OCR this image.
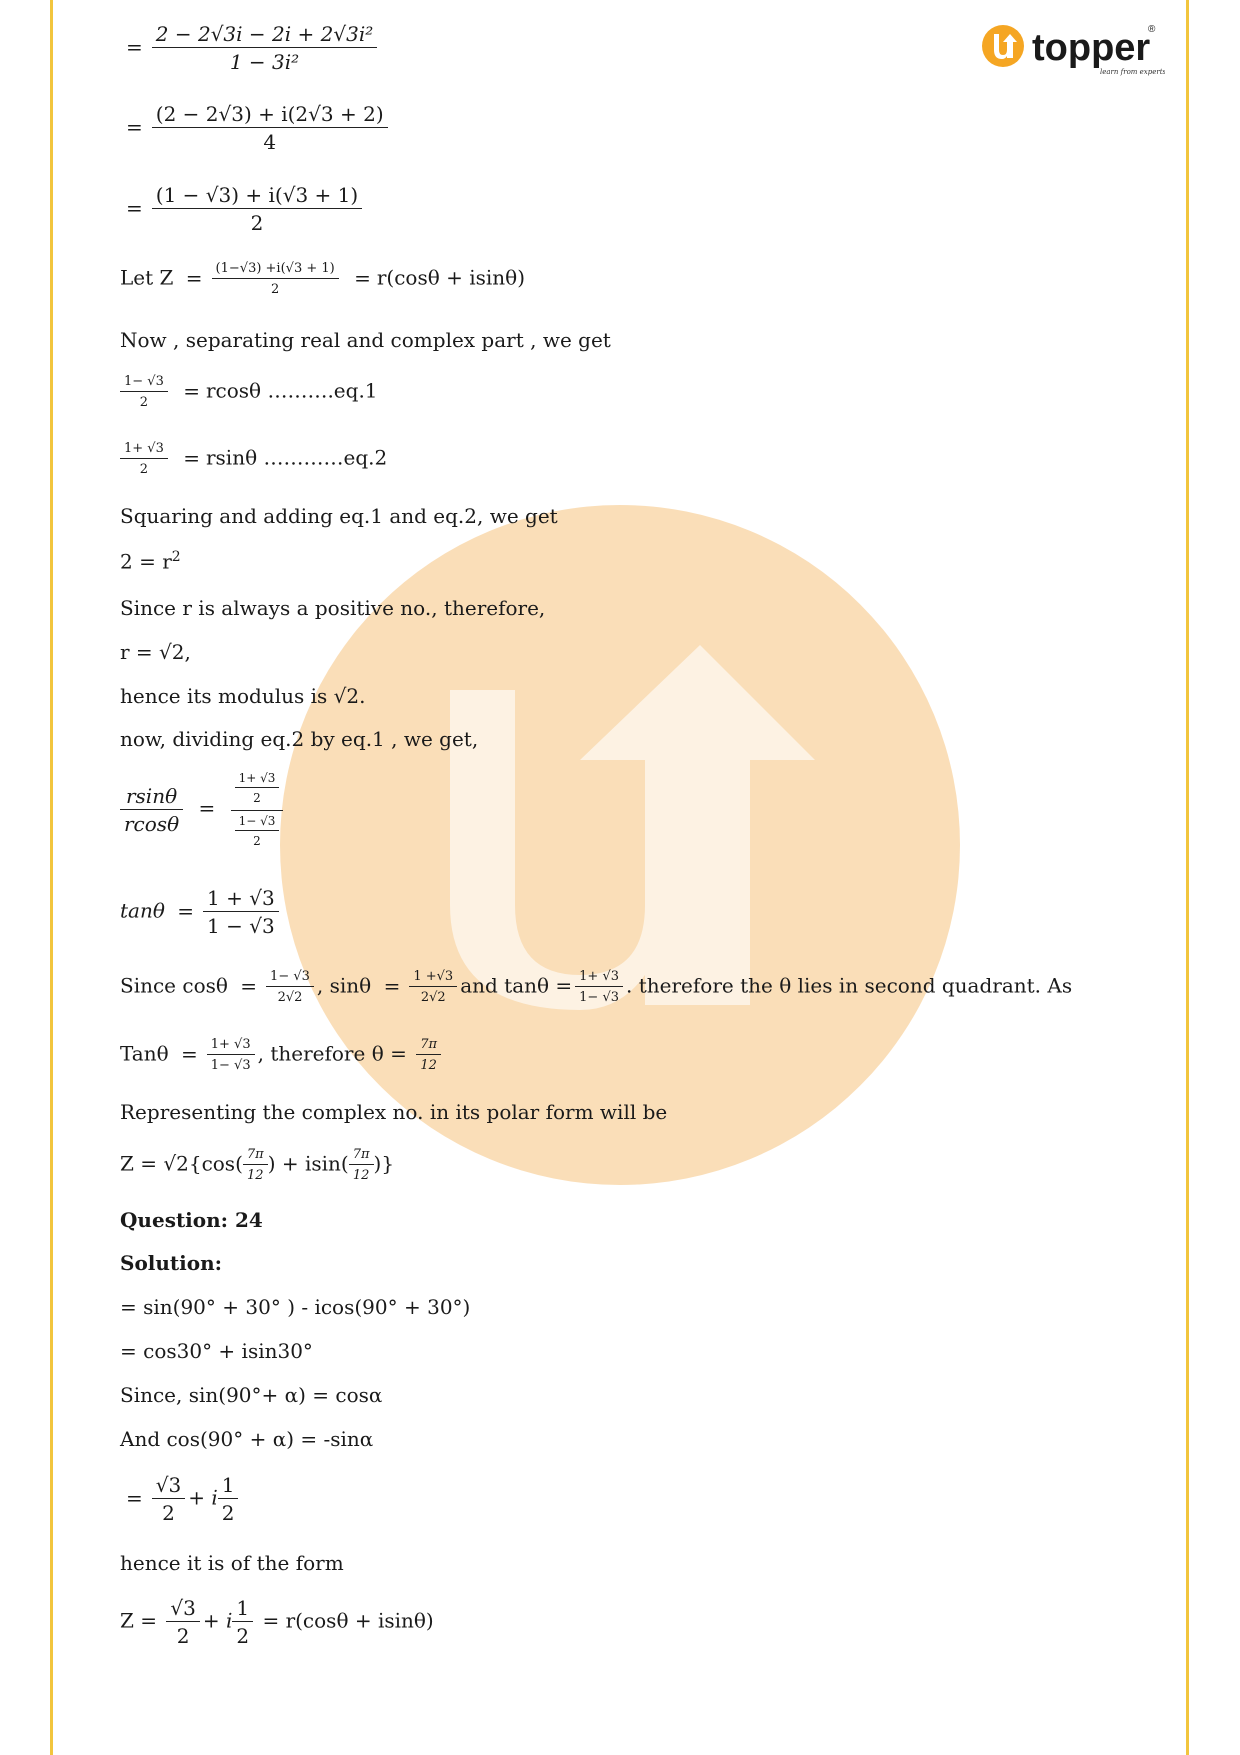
topper
®
learn from experts
= $\frac{\text{2 − 2√3i − 2i + 2√3i²}}{\text{1 − 3i²}}$
= $\frac{(2 - 2√3) + i(2√3 + 2)}{4}$
= $\frac{(1 - √3) + i(√3 + 1)}{2}$
Let $Z = \frac{(1-√3) +i(√3 + 1)}{2} = r(\cos\theta + isin\theta)$
Now , separating real and complex part , we get
$\frac{1- √3}{2} = rcos\theta$ ……….eq.1
$\frac{1+ √3}{2} = rsin\theta$ …………eq.2
Squaring and adding eq.1 and eq.2, we get
$2 = r^2$
Since r is always a positive no., therefore,
r = √2,
hence its modulus is √2.
now, dividing eq.2 by eq.1 , we get,
$\frac{rsin\theta}{rcos\theta} = \frac{\frac{1+ √3}{2}}{\frac{1- √3}{2}}$
$\tan\theta = \frac{1 + √3}{1 - √3}$
Since $\cos\theta = \frac{1- √3}{2√2}$ , $\sin\theta = \frac{1 +√3}{2√2}$ and $\tan\theta = \frac{1+ √3}{1- √3}$ . therefore the θ lies in second quadrant. As
$Tan\theta = \frac{1+ √3}{1- √3}$ , therefore $\theta = \frac{7\pi}{12}$
Representing the complex no. in its polar form will be
$Z = √2\{\cos( \frac{7\pi}{12}$ ) + $isin( \frac{7\pi}{12}$ )}
Question: 24
Solution:
= sin(90° + 30° ) - icos(90° + 30°)
= cos30° + isin30°
Since, sin(90°+ α) = cosα
And cos(90° + α) = -sinα
= $\frac{√3}{2} + i \frac{1}{2}$
hence it is of the form
$Z = \frac{√3}{2} + i \frac{1}{2} = r(\cos\theta + isin\theta)$
